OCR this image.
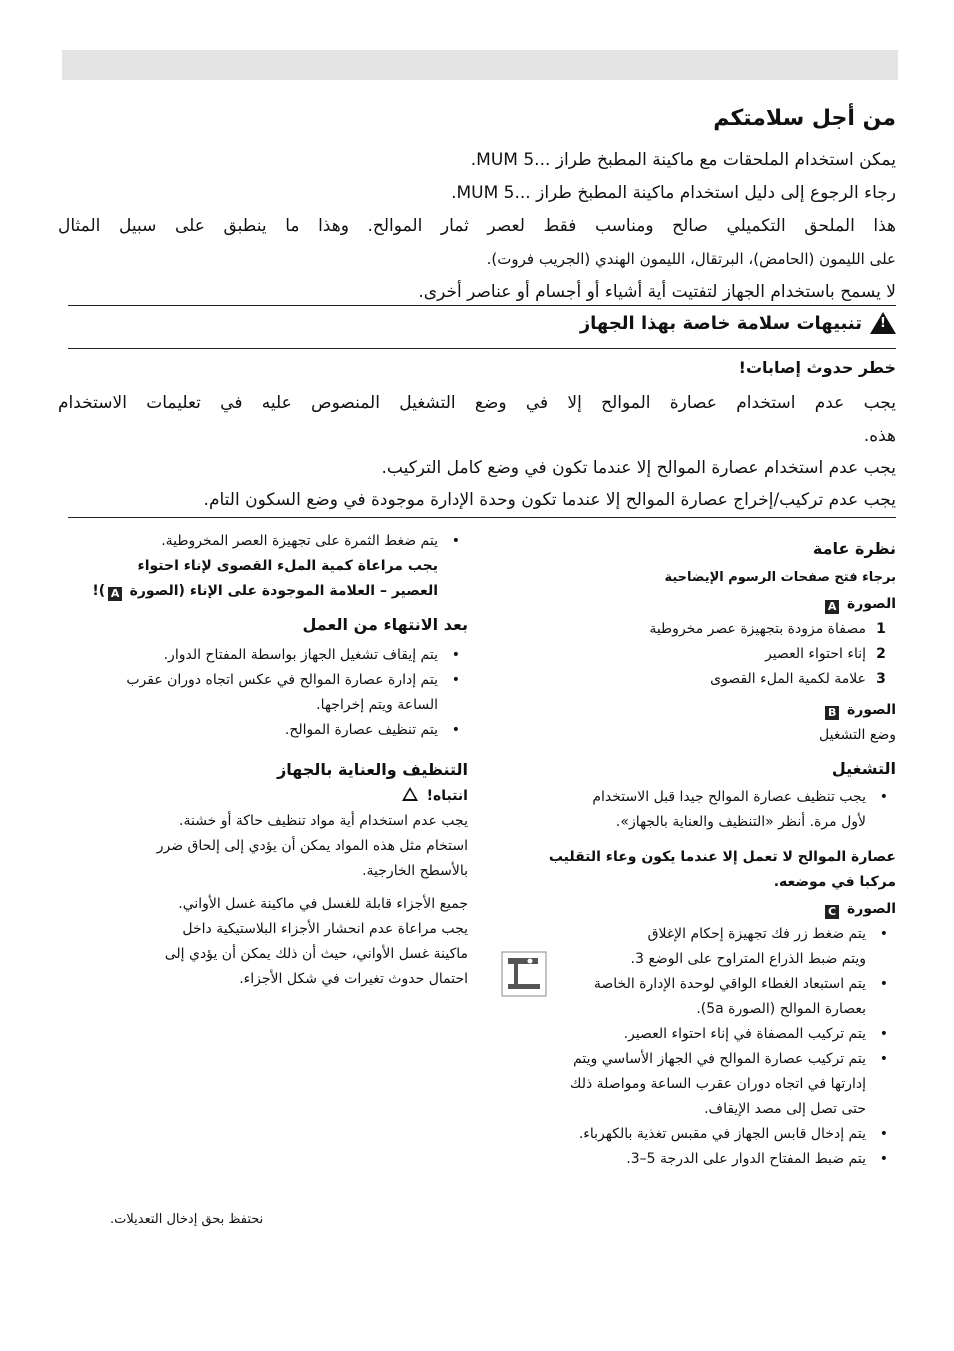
من أجل سلامتكم

يمكن استخدام الملحقات مع ماكينة المطبخ طراز ...MUM 5.

رجاء الرجوع إلى دليل استخدام ماكينة المطبخ طراز ...MUM 5.

هذا الملحق التكميلي صالح ومناسب فقط لعصر ثمار الموالح. وهذا ما ينطبق على سبيل المثال

على الليمون (الحامض)، البرتقال، الليمون الهندي (الجريب فروت).

لا يسمح باستخدام الجهاز لتفتيت أية أشياء أو أجسام أو عناصر أخرى.

!
تنبيهات سلامة خاصة بهذا الجهاز
خطر حدوث إصابات!

يجب عدم استخدام عصارة الموالح إلا في وضع التشغيل المنصوص عليه في تعليمات الاستخدام

هذه.

يجب عدم استخدام عصارة الموالح إلا عندما تكون في وضع كامل التركيب.

يجب عدم تركيب/إخراج عصارة الموالح إلا عندما تكون وحدة الإدارة موجودة في وضع السكون التام.

نظرة عامة

برجاء فتح صفحات الرسوم الإيضاحية

الصورة A

1
مصفاة مزودة بتجهيزة عصر مخروطية
2
إناء احتواء العصير
3
علامة لكمية الملء القصوى

الصورة B

وضع التشغيل

التشغيل

• يجب تنظيف عصارة الموالح جيدا قبل الاستخدام
لأول مرة. أنظر «التنظيف والعناية بالجهاز».

عصارة الموالح لا تعمل إلا عندما يكون وعاء التقليب
مركبا في موضعه.

الصورة C

• يتم ضغط زر فك تجهيزة إحكام الإغلاق
ويتم ضبط الذراع المتراوح على الوضع 3.
• يتم استبعاد الغطاء الواقي لوحدة الإدارة الخاصة
بعصارة الموالح (الصورة 5a).
• يتم تركيب المصفاة في إناء احتواء العصير.
• يتم تركيب عصارة الموالح في الجهاز الأساسي ويتم
إدارتها في اتجاه دوران عقرب الساعة ومواصلة ذلك
حتى تصل إلى مصد الإيقاف.
• يتم إدخال قابس الجهاز في مقبس تغذية بالكهرباء.
• يتم ضبط المفتاح الدوار على الدرجة 5–3.
• يتم ضغط الثمرة على تجهيزة العصر المخروطية.
يجب مراعاة كمية الملء القصوى لإناء احتواء
العصير – العلامة الموجودة على الإناء (الصورة A)!

بعد الانتهاء من العمل

• يتم إيقاف تشغيل الجهاز بواسطة المفتاح الدوار.
• يتم إدارة عصارة الموالح في عكس اتجاه دوران عقرب
الساعة ويتم إخراجها.
• يتم تنظيف عصارة الموالح.

التنظيف والعناية بالجهاز

انتباه!

يجب عدم استخدام أية مواد تنظيف حاكة أو خشنة.
استخام مثل هذه المواد يمكن أن يؤدي إلى إلحاق ضرر
بالأسطح الخارجية.

جميع الأجزاء قابلة للغسل في ماكينة غسل الأواني.
يجب مراعاة عدم انحشار الأجزاء البلاستيكية داخل
ماكينة غسل الأواني، حيث أن ذلك يمكن أن يؤدي إلى
احتمال حدوث تغيرات في شكل الأجزاء.

نحتفظ بحق إدخال التعديلات.
